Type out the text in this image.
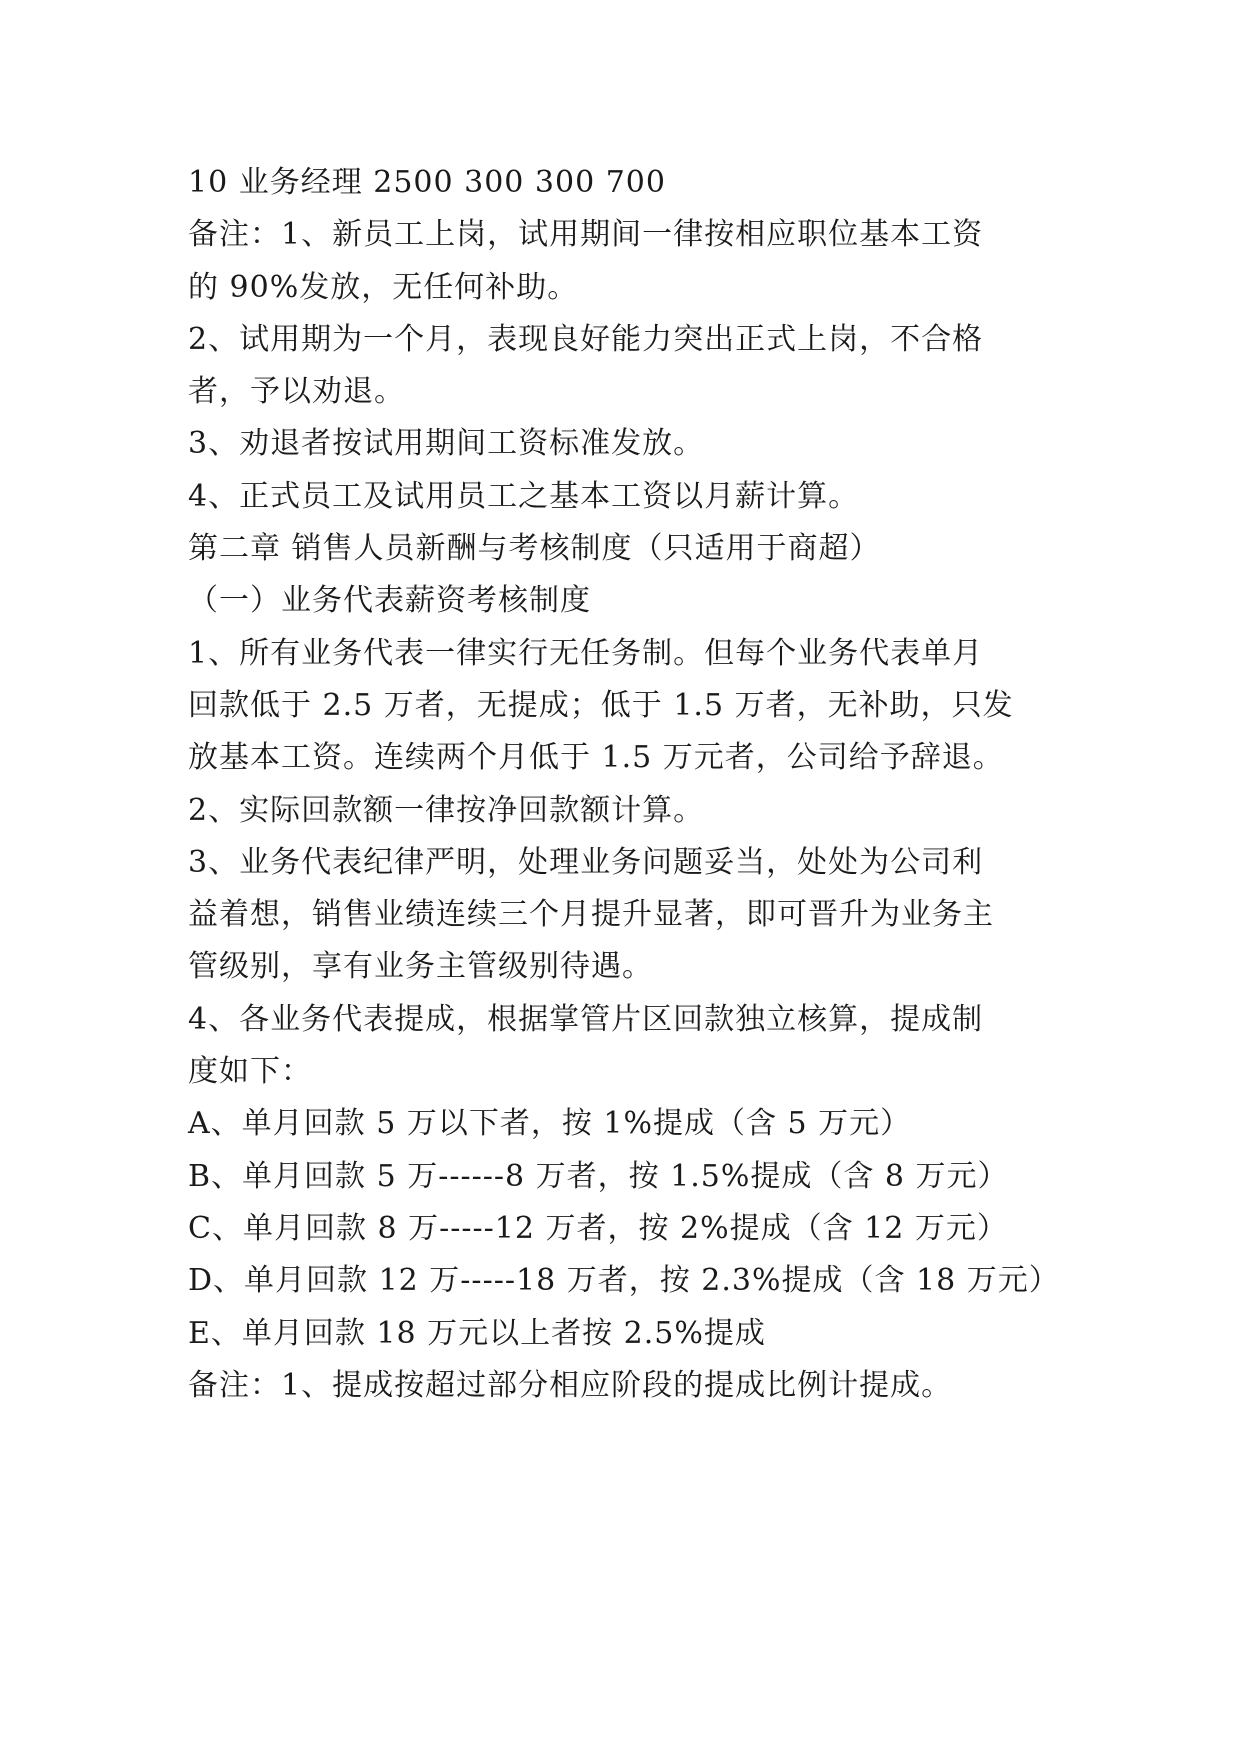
10 业务经理 2500 300 300 700
备注：1、新员工上岗，试用期间一律按相应职位基本工资
的 90%发放，无任何补助。
2、试用期为一个月，表现良好能力突出正式上岗，不合格
者，予以劝退。
3、劝退者按试用期间工资标准发放。
4、正式员工及试用员工之基本工资以月薪计算。
第二章 销售人员新酬与考核制度（只适用于商超）
（一）业务代表薪资考核制度
1、所有业务代表一律实行无任务制。但每个业务代表单月
回款低于 2.5 万者，无提成；低于 1.5 万者，无补助，只发
放基本工资。连续两个月低于 1.5 万元者，公司给予辞退。
2、实际回款额一律按净回款额计算。
3、业务代表纪律严明，处理业务问题妥当，处处为公司利
益着想，销售业绩连续三个月提升显著，即可晋升为业务主
管级别，享有业务主管级别待遇。
4、各业务代表提成，根据掌管片区回款独立核算，提成制
度如下：
A、单月回款 5 万以下者，按 1%提成（含 5 万元）
B、单月回款 5 万------8 万者，按 1.5%提成（含 8 万元）
C、单月回款 8 万-----12 万者，按 2%提成（含 12 万元）
D、单月回款 12 万-----18 万者，按 2.3%提成（含 18 万元）
E、单月回款 18 万元以上者按 2.5%提成
备注：1、提成按超过部分相应阶段的提成比例计提成。
